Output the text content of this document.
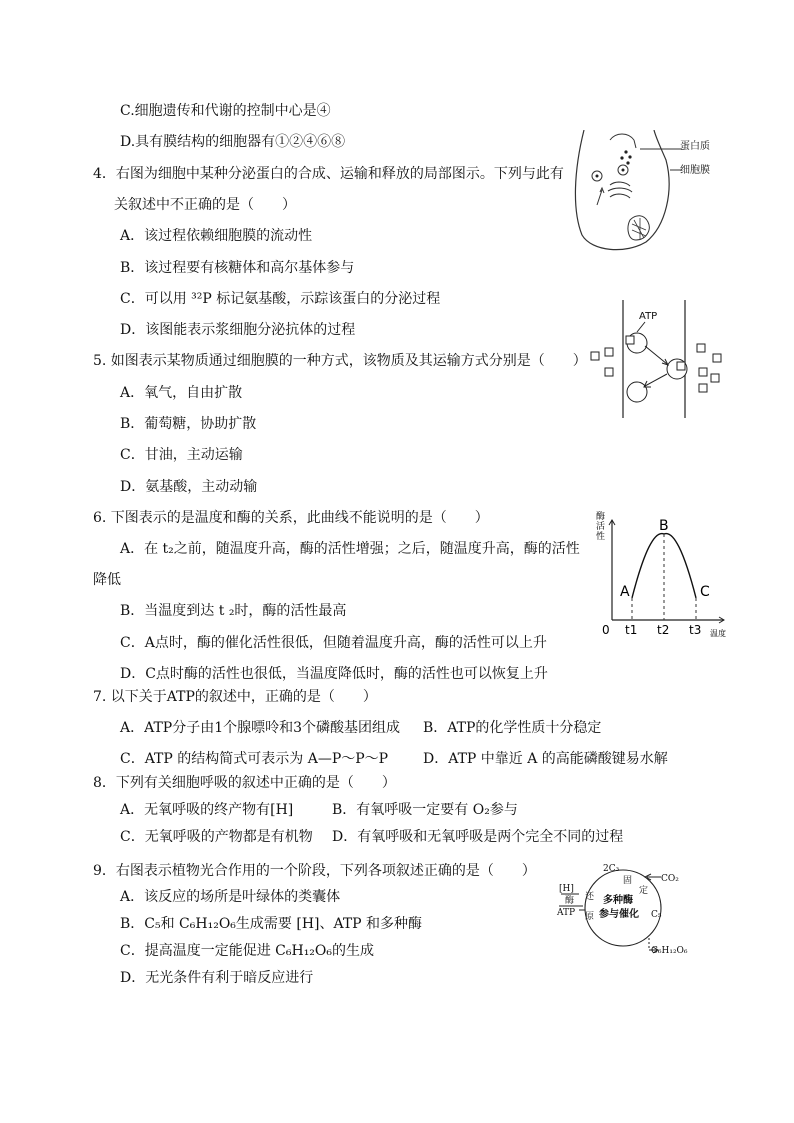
C.细胞遗传和代谢的控制中心是④
D.具有膜结构的细胞器有①②④⑥⑧
4．右图为细胞中某种分泌蛋白的合成、运输和释放的局部图示。下列与此有
关叙述中不正确的是（　　）
A．该过程依赖细胞膜的流动性
B．该过程要有核糖体和高尔基体参与
C．可以用 ³²P 标记氨基酸，示踪该蛋白的分泌过程
D．该图能表示浆细胞分泌抗体的过程
蛋白质
细胞膜
5. 如图表示某物质通过细胞膜的一种方式，该物质及其运输方式分别是（　　）
A．氧气，自由扩散
B．葡萄糖，协助扩散
C．甘油，主动运输
D．氨基酸，主动动输
ATP
6. 下图表示的是温度和酶的关系，此曲线不能说明的是（　　）
A．在 t₂之前，随温度升高，酶的活性增强；之后，随温度升高，酶的活性
降低
B．当温度到达 t ₂时，酶的活性最高
C．A点时，酶的催化活性很低，但随着温度升高，酶的活性可以上升
D．C点时酶的活性也很低，当温度降低时，酶的活性也可以恢复上升
A
B
C
0 t1 t2 t3 温度
酶
活
性
7. 以下关于ATP的叙述中，正确的是（　　）
A．ATP分子由1个腺嘌呤和3个磷酸基团组成 B．ATP的化学性质十分稳定
C．ATP 的结构简式可表示为 A—P～P～P D．ATP 中靠近 A 的高能磷酸键易水解
8．下列有关细胞呼吸的叙述中正确的是（　　）
A．无氧呼吸的终产物有[H]	B．有氧呼吸一定要有 O₂参与
C．无氧呼吸的产物都是有机物 D．有氧呼吸和无氧呼吸是两个完全不同的过程
9．右图表示植物光合作用的一个阶段，下列各项叙述正确的是（　　）
A．该反应的场所是叶绿体的类囊体
B．C₅和 C₆H₁₂O₆生成需要 [H]、ATP 和多种酶
C．提高温度一定能促进 C₆H₁₂O₆的生成
D．无光条件有利于暗反应进行
2C₃
CO₂
固
定
[H]
酶
ATP
还
原
多种酶
参与催化 C₅
C₆H₁₂O₆
